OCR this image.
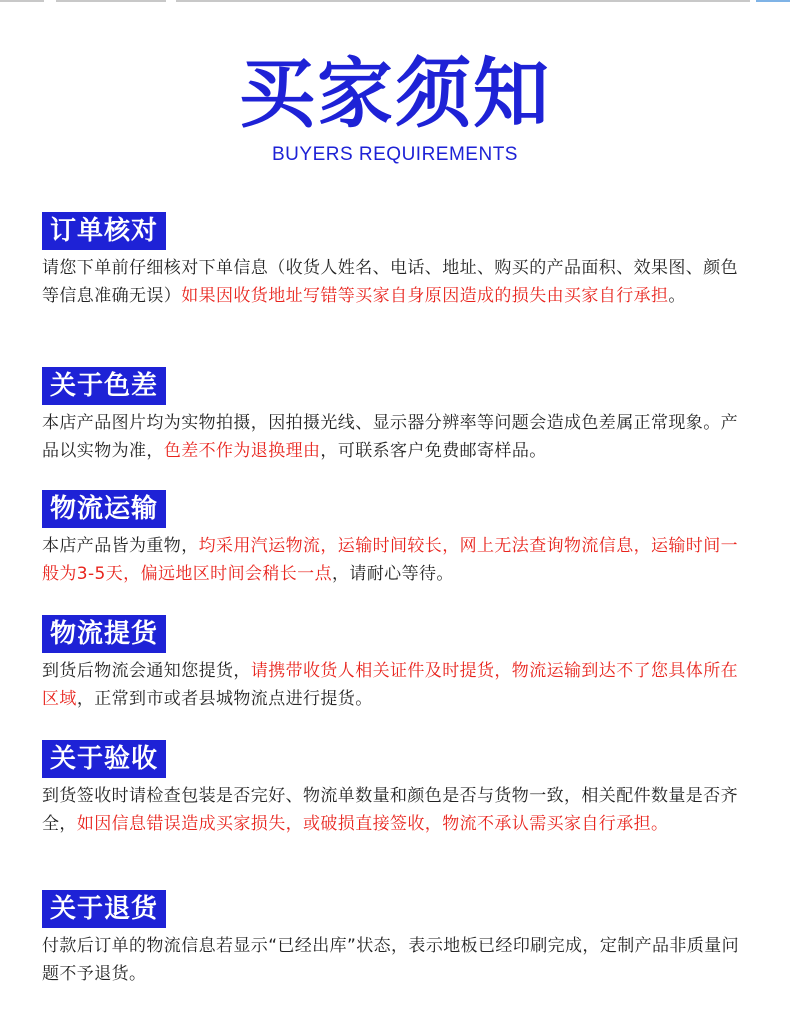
买家须知
BUYERS REQUIREMENTS
订单核对
请您下单前仔细核对下单信息（收货人姓名、电话、地址、购买的产品面积、效果图、颜色等信息准确无误）如果因收货地址写错等买家自身原因造成的损失由买家自行承担。
关于色差
本店产品图片均为实物拍摄，因拍摄光线、显示器分辨率等问题会造成色差属正常现象。产品以实物为准，色差不作为退换理由，可联系客户免费邮寄样品。
物流运输
本店产品皆为重物，均采用汽运物流，运输时间较长，网上无法查询物流信息，运输时间一般为3-5天，偏远地区时间会稍长一点，请耐心等待。
物流提货
到货后物流会通知您提货，请携带收货人相关证件及时提货，物流运输到达不了您具体所在区域，正常到市或者县城物流点进行提货。
关于验收
到货签收时请检查包装是否完好、物流单数量和颜色是否与货物一致，相关配件数量是否齐全，如因信息错误造成买家损失，或破损直接签收，物流不承认需买家自行承担。
关于退货
付款后订单的物流信息若显示“已经出库”状态，表示地板已经印刷完成，定制产品非质量问题不予退货。
